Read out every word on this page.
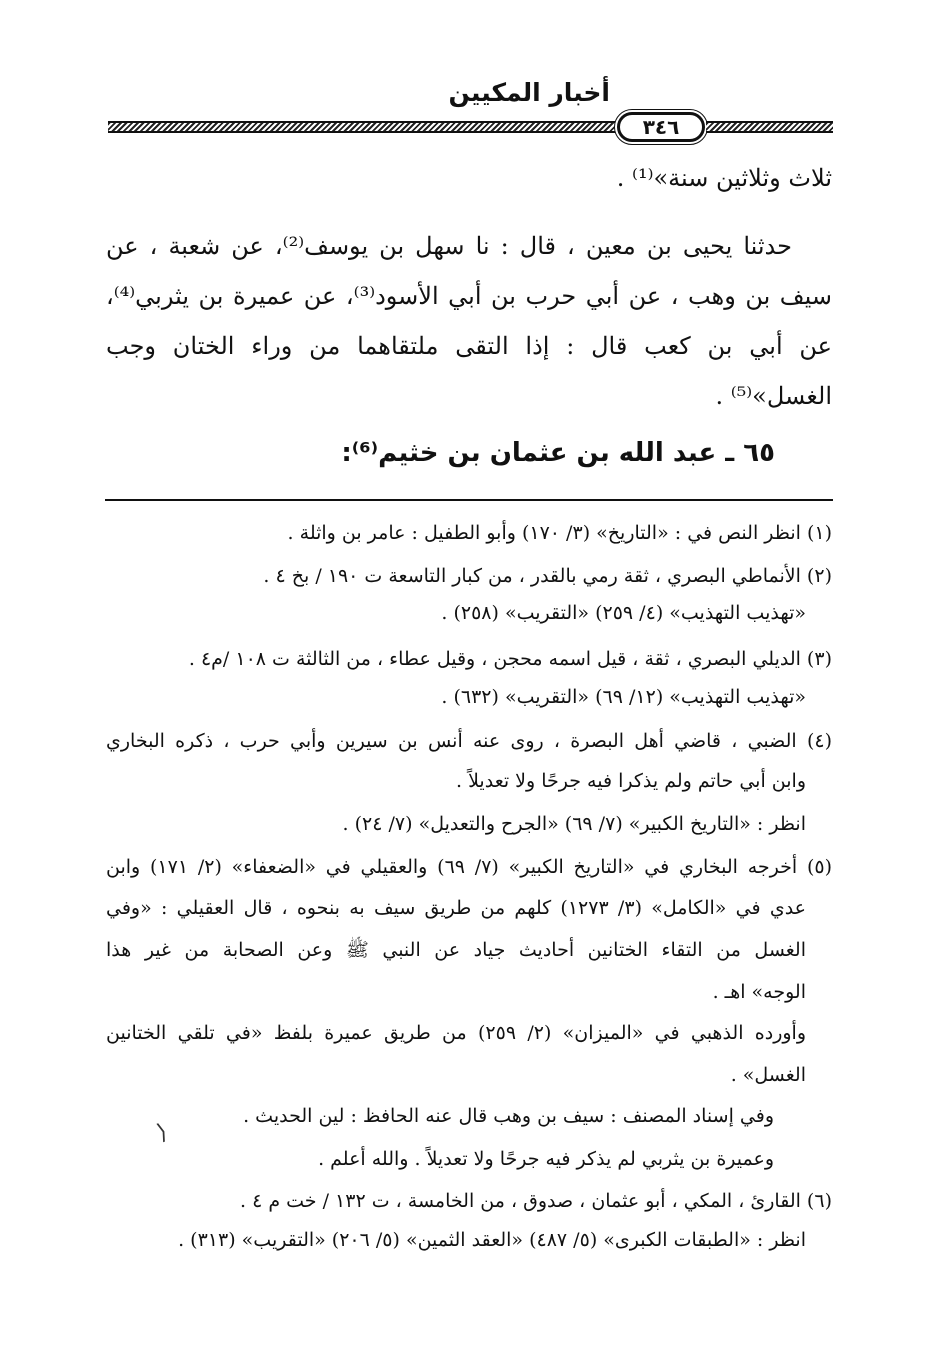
أخبار المكيين
٣٤٦
ثلاث وثلاثين سنة»⁽¹⁾ .
حدثنا يحيى بن معين ، قال : نا سهل بن يوسف⁽²⁾، عن شعبة ، عن
سيف بن وهب ، عن أبي حرب بن أبي الأسود⁽³⁾، عن عميرة بن يثربي⁽⁴⁾،
عن أبي بن كعب قال : إذا التقى ملتقاهما من وراء الختان وجب
الغسل»⁽⁵⁾ .
٦٥ ـ عبد الله بن عثمان بن خثيم⁽⁶⁾:
(١) انظر النص في : «التاريخ» (٣/ ١٧٠) وأبو الطفيل : عامر بن واثلة .
(٢) الأنماطي البصري ، ثقة رمي بالقدر ، من كبار التاسعة ت ١٩٠ / بخ ٤ .
«تهذيب التهذيب» (٤/ ٢٥٩) «التقريب» (٢٥٨) .
(٣) الديلي البصري ، ثقة ، قيل اسمه محجن ، وقيل عطاء ، من الثالثة ت ١٠٨ /م٤ .
«تهذيب التهذيب» (١٢/ ٦٩) «التقريب» (٦٣٢) .
(٤) الضبي ، قاضي أهل البصرة ، روى عنه أنس بن سيرين وأبي حرب ، ذكره البخاري
وابن أبي حاتم ولم يذكرا فيه جرحًا ولا تعديلاً .
انظر : «التاريخ الكبير» (٧/ ٦٩) «الجرح والتعديل» (٧/ ٢٤) .
(٥) أخرجه البخاري في «التاريخ الكبير» (٧/ ٦٩) والعقيلي في «الضعفاء» (٢/ ١٧١) وابن
عدي في «الكامل» (٣/ ١٢٧٣) كلهم من طريق سيف به بنحوه ، قال العقيلي : «وفي
الغسل من التقاء الختانين أحاديث جياد عن النبي ﷺ وعن الصحابة من غير هذا
الوجه» اهـ .
وأورده الذهبي في «الميزان» (٢/ ٢٥٩) من طريق عميرة بلفظ «في تلقي الختانين
الغسل» .
وفي إسناد المصنف : سيف بن وهب قال عنه الحافظ : لين الحديث .
وعميرة بن يثربي لم يذكر فيه جرحًا ولا تعديلاً . والله أعلم .
(٦) القارئ ، المكي ، أبو عثمان ، صدوق ، من الخامسة ، ت ١٣٢ / خت م ٤ .
انظر : «الطبقات الكبرى» (٥/ ٤٨٧) «العقد الثمين» (٥/ ٢٠٦) «التقريب» (٣١٣) .
⟨
